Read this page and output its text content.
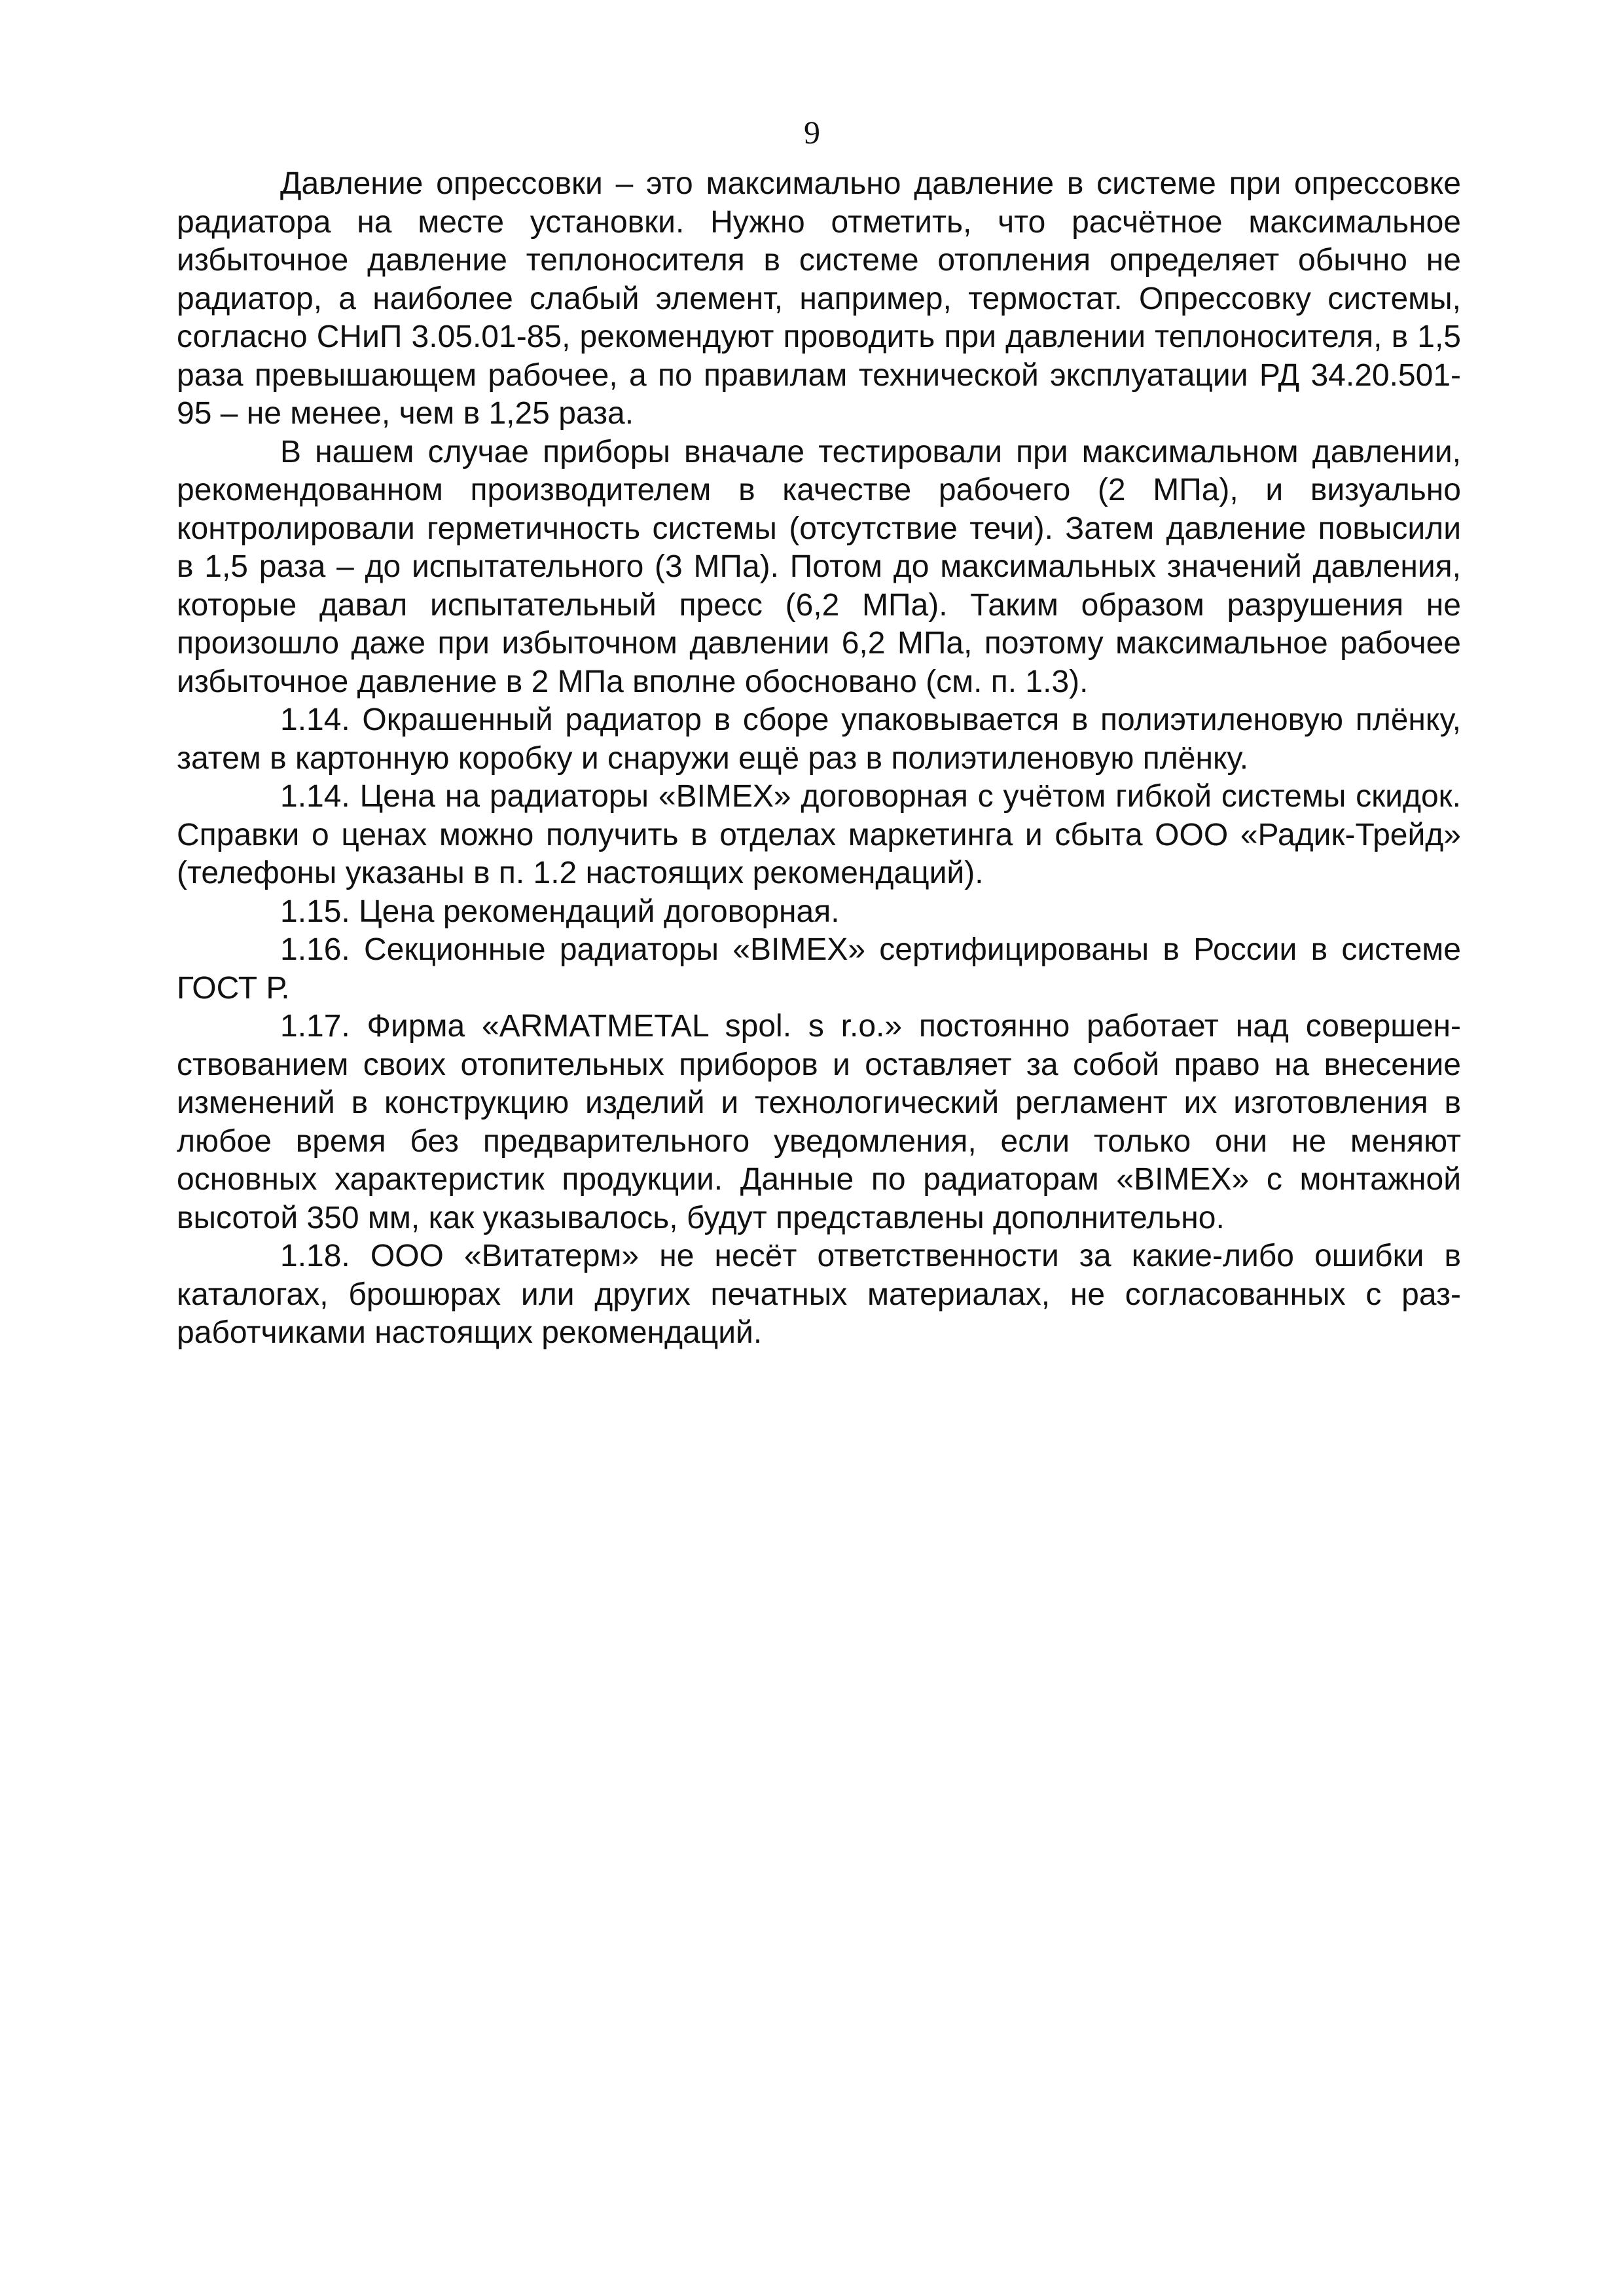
9

Давление опрессовки – это максимально давление в системе при опрессовке радиатора на месте установки. Нужно отметить, что расчётное максимальное избыточное давление теплоносителя в системе отопления определяет обычно не радиатор, а наиболее слабый элемент, например, термостат. Опрессовку системы, согласно СНиП 3.05.01-85, рекомендуют проводить при давлении теплоносителя, в 1,5 раза превышающем рабочее, а по правилам технической эксплуатации РД 34.20.501-95 – не менее, чем в 1,25 раза.

В нашем случае приборы вначале тестировали при максимальном давлении, рекомендованном производителем в качестве рабочего (2 МПа), и визуально контролировали герметичность системы (отсутствие течи). Затем давление повысили в 1,5 раза – до испытательного (3 МПа). Потом до максимальных значений давления, которые давал испытательный пресс (6,2 МПа). Таким образом разрушения не произошло даже при избыточном давлении 6,2 МПа, поэтому максимальное рабочее избыточное давление в 2 МПа вполне обосновано (см. п. 1.3).

1.14. Окрашенный радиатор в сборе упаковывается в полиэтиленовую плёнку, затем в картонную коробку и снаружи ещё раз в полиэтиленовую плёнку.

1.14. Цена на радиаторы «BIMEX» договорная с учётом гибкой системы скидок. Справки о ценах можно получить в отделах маркетинга и сбыта ООО «Радик-Трейд» (телефоны указаны в п. 1.2 настоящих рекомендаций).

1.15. Цена рекомендаций договорная.

1.16. Секционные радиаторы «BIMEX» сертифицированы в России в системе ГОСТ Р.

1.17. Фирма «ARMATMETAL spol. s r.o.» постоянно работает над совершенствованием своих отопительных приборов и оставляет за собой право на внесение изменений в конструкцию изделий и технологический регламент их изготовления в любое время без предварительного уведомления, если только они не меняют основных характеристик продукции. Данные по радиаторам «BIMEX» с монтажной высотой 350 мм, как указывалось, будут представлены дополнительно.

1.18. ООО «Витатерм» не несёт ответственности за какие-либо ошибки в каталогах, брошюрах или других печатных материалах, не согласованных с разработчиками настоящих рекомендаций.
